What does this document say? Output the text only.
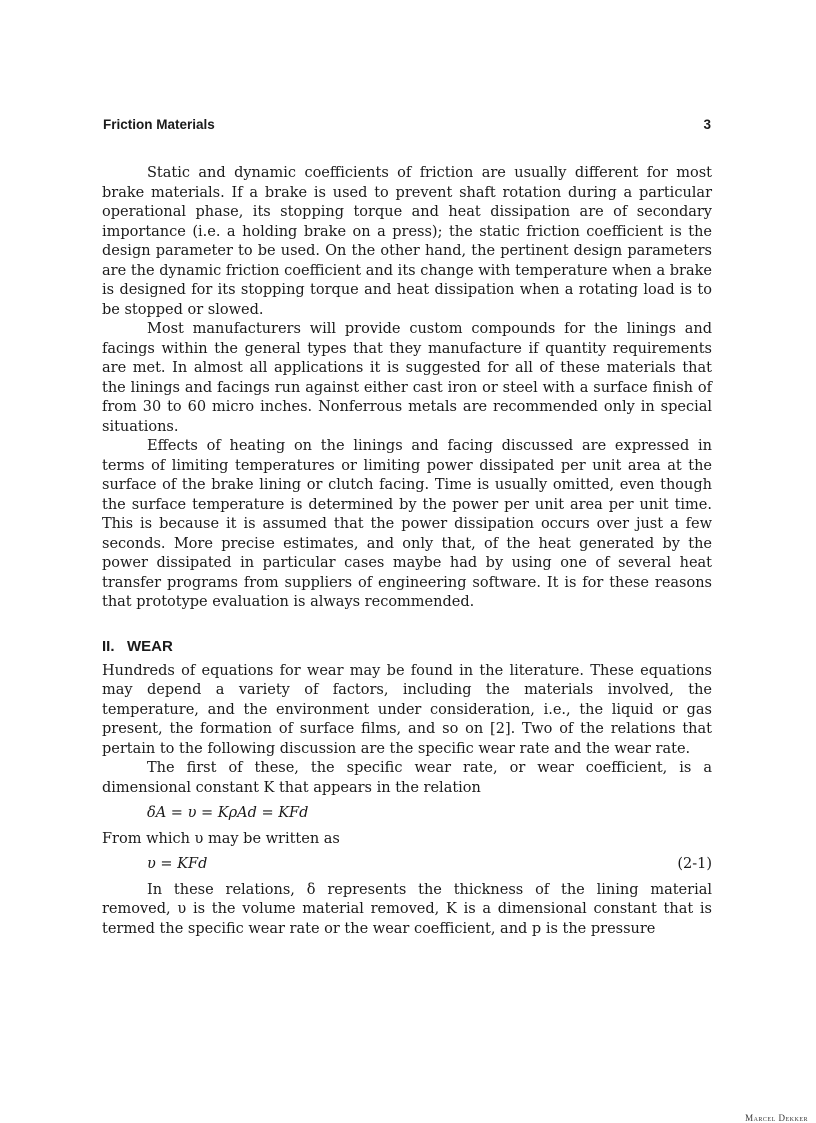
Friction Materials	3

Static and dynamic coefficients of friction are usually different for most brake materials. If a brake is used to prevent shaft rotation during a particular operational phase, its stopping torque and heat dissipation are of secondary importance (i.e. a holding brake on a press); the static friction coefficient is the design parameter to be used. On the other hand, the pertinent design parameters are the dynamic friction coefficient and its change with temperature when a brake is designed for its stopping torque and heat dissipation when a rotating load is to be stopped or slowed.

Most manufacturers will provide custom compounds for the linings and facings within the general types that they manufacture if quantity requirements are met. In almost all applications it is suggested for all of these materials that the linings and facings run against either cast iron or steel with a surface finish of from 30 to 60 micro inches. Nonferrous metals are recommended only in special situations.

Effects of heating on the linings and facing discussed are expressed in terms of limiting temperatures or limiting power dissipated per unit area at the surface of the brake lining or clutch facing. Time is usually omitted, even though the surface temperature is determined by the power per unit area per unit time. This is because it is assumed that the power dissipation occurs over just a few seconds. More precise estimates, and only that, of the heat generated by the power dissipated in particular cases maybe had by using one of several heat transfer programs from suppliers of engineering software. It is for these reasons that prototype evaluation is always recommended.

II.   WEAR

Hundreds of equations for wear may be found in the literature. These equations may depend a variety of factors, including the materials involved, the temperature, and the environment under consideration, i.e., the liquid or gas present, the formation of surface films, and so on [2]. Two of the relations that pertain to the following discussion are the specific wear rate and the wear rate.

The first of these, the specific wear rate, or wear coefficient, is a dimensional constant K that appears in the relation

δA = υ = KρAd = KFd

From which υ may be written as

υ = KFd	(2-1)

In these relations, δ represents the thickness of the lining material removed, υ is the volume material removed, K is a dimensional constant that is termed the specific wear rate or the wear coefficient, and p is the pressure

Marcel Dekker
